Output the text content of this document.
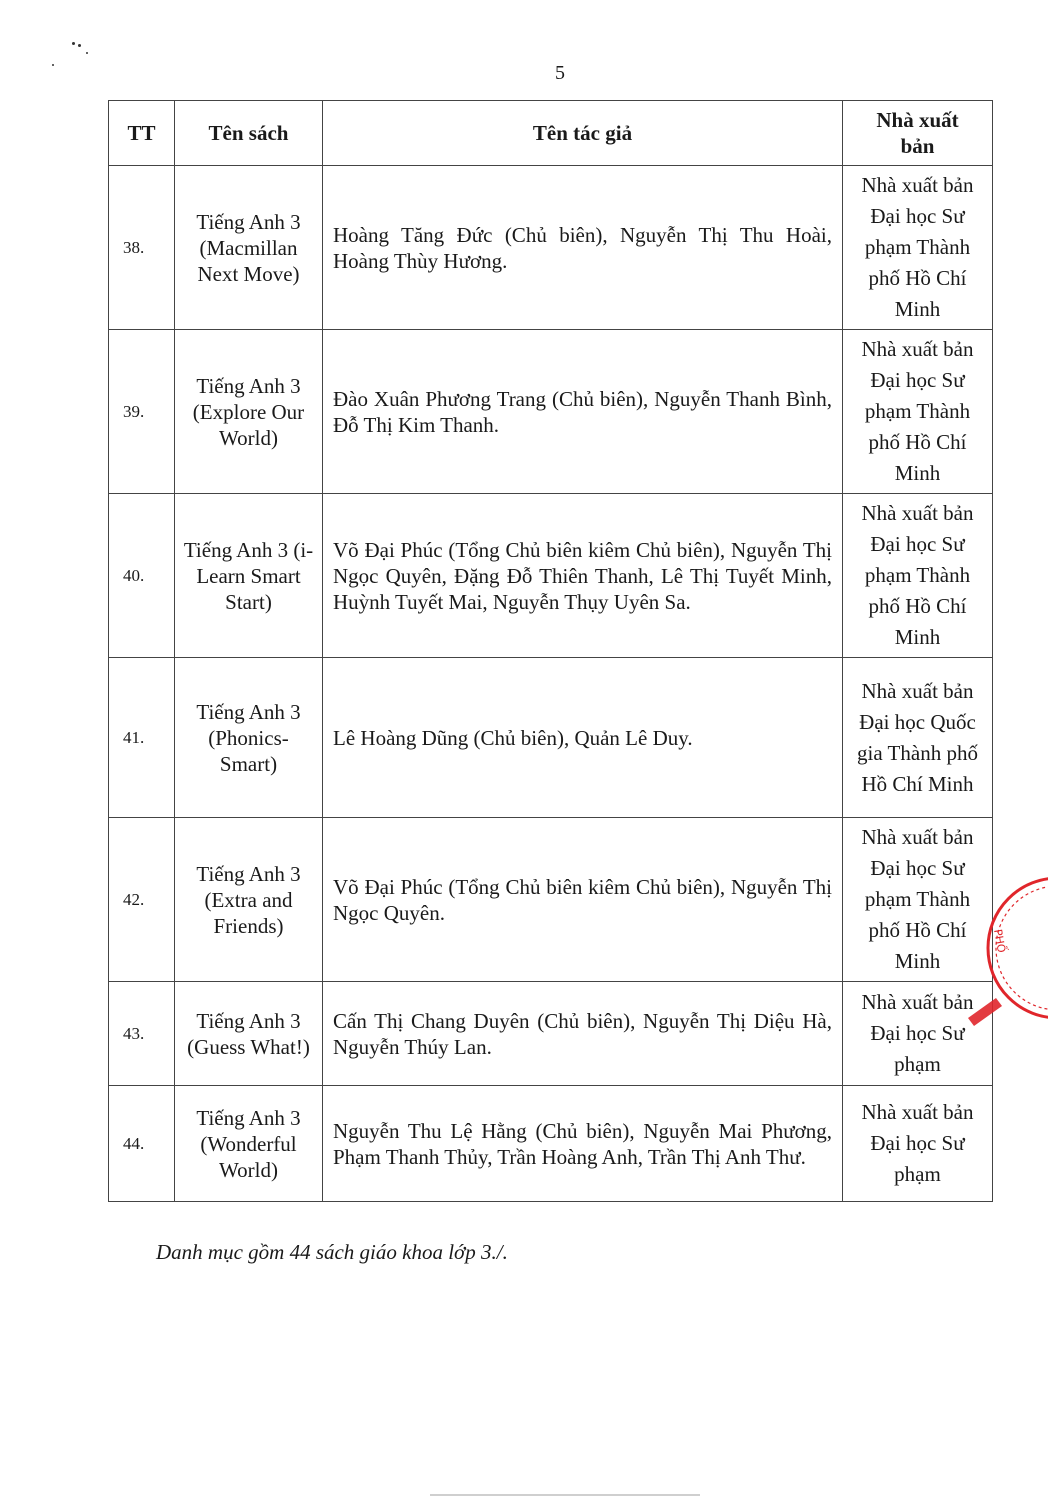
5
TT	Tên sách	Tên tác giả	Nhà xuất bản

38.	Tiếng Anh 3 (Macmillan Next Move)	Hoàng Tăng Đức (Chủ biên), Nguyễn Thị Thu Hoài, Hoàng Thùy Hương.	Nhà xuất bản Đại học Sư phạm Thành phố Hồ Chí Minh

39.	Tiếng Anh 3 (Explore Our World)	Đào Xuân Phương Trang (Chủ biên), Nguyễn Thanh Bình, Đỗ Thị Kim Thanh.	Nhà xuất bản Đại học Sư phạm Thành phố Hồ Chí Minh

40.	Tiếng Anh 3 (i-Learn Smart Start)	Võ Đại Phúc (Tổng Chủ biên kiêm Chủ biên), Nguyễn Thị Ngọc Quyên, Đặng Đỗ Thiên Thanh, Lê Thị Tuyết Minh, Huỳnh Tuyết Mai, Nguyễn Thụy Uyên Sa.	Nhà xuất bản Đại học Sư phạm Thành phố Hồ Chí Minh

41.	Tiếng Anh 3 (Phonics-Smart)	Lê Hoàng Dũng (Chủ biên), Quản Lê Duy.	Nhà xuất bản Đại học Quốc gia Thành phố Hồ Chí Minh

42.	Tiếng Anh 3 (Extra and Friends)	Võ Đại Phúc (Tổng Chủ biên kiêm Chủ biên), Nguyễn Thị Ngọc Quyên.	Nhà xuất bản Đại học Sư phạm Thành phố Hồ Chí Minh

43.	Tiếng Anh 3 (Guess What!)	Cấn Thị Chang Duyên (Chủ biên), Nguyễn Thị Diệu Hà, Nguyễn Thúy Lan.	Nhà xuất bản Đại học Sư phạm

44.	Tiếng Anh 3 (Wonderful World)	Nguyễn Thu Lệ Hằng (Chủ biên), Nguyễn Mai Phương, Phạm Thanh Thủy, Trần Hoàng Anh, Trần Thị Anh Thư.	Nhà xuất bản Đại học Sư phạm
PHỐ
Danh mục gồm 44 sách giáo khoa lớp 3./.
